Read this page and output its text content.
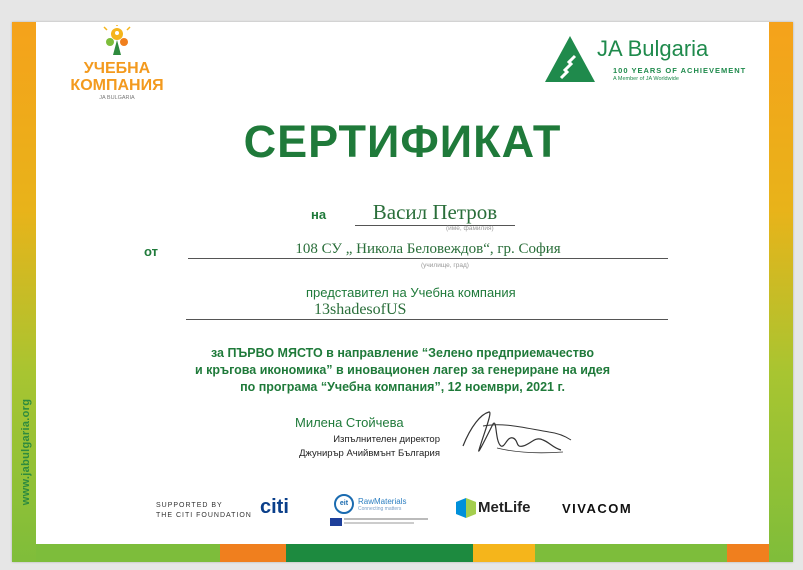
www.jabulgaria.org
УЧЕБНА
КОМПАНИЯ
JA BULGARIA
JA Bulgaria
100 YEARS OF ACHIEVEMENT
A Member of JA Worldwide
СЕРТИФИКАТ
на	Васил Петров
(име, фамилия)
от	108 СУ „ Никола Беловеждов“, гр. София
(училище, град)
представител на Учебна компания
13shadesofUS
за ПЪРВО МЯСТО в направление “Зелено предприемачество
и кръгова икономика” в иновационен лагер за генериране на идея
по програма “Учебна компания”, 12 ноември, 2021 г.
Милена Стойчева
Изпълнителен директор
Джунирър Ачийвмънт България
SUPPORTED BY
THE CITI FOUNDATION citi	eit	RawMaterials
Connecting matters	MetLife VIVACOM
